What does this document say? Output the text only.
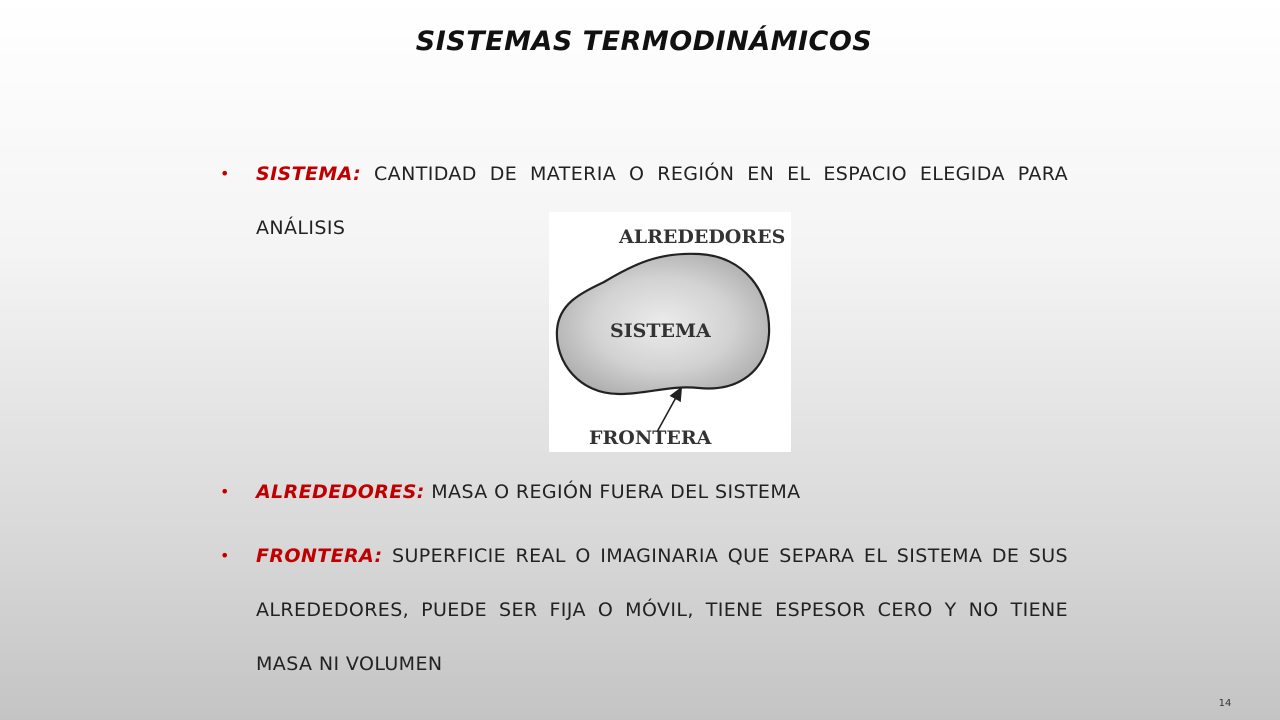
SISTEMAS TERMODINÁMICOS
• SISTEMA: CANTIDAD DE MATERIA O REGIÓN EN EL ESPACIO ELEGIDA PARA ANÁLISIS
• ALREDEDORES: MASA O REGIÓN FUERA DEL SISTEMA
• FRONTERA: SUPERFICIE REAL O IMAGINARIA QUE SEPARA EL SISTEMA DE SUS ALREDEDORES, PUEDE SER FIJA O MÓVIL, TIENE ESPESOR CERO Y NO TIENE MASA NI VOLUMEN
ALREDEDORES
SISTEMA
FRONTERA
14
